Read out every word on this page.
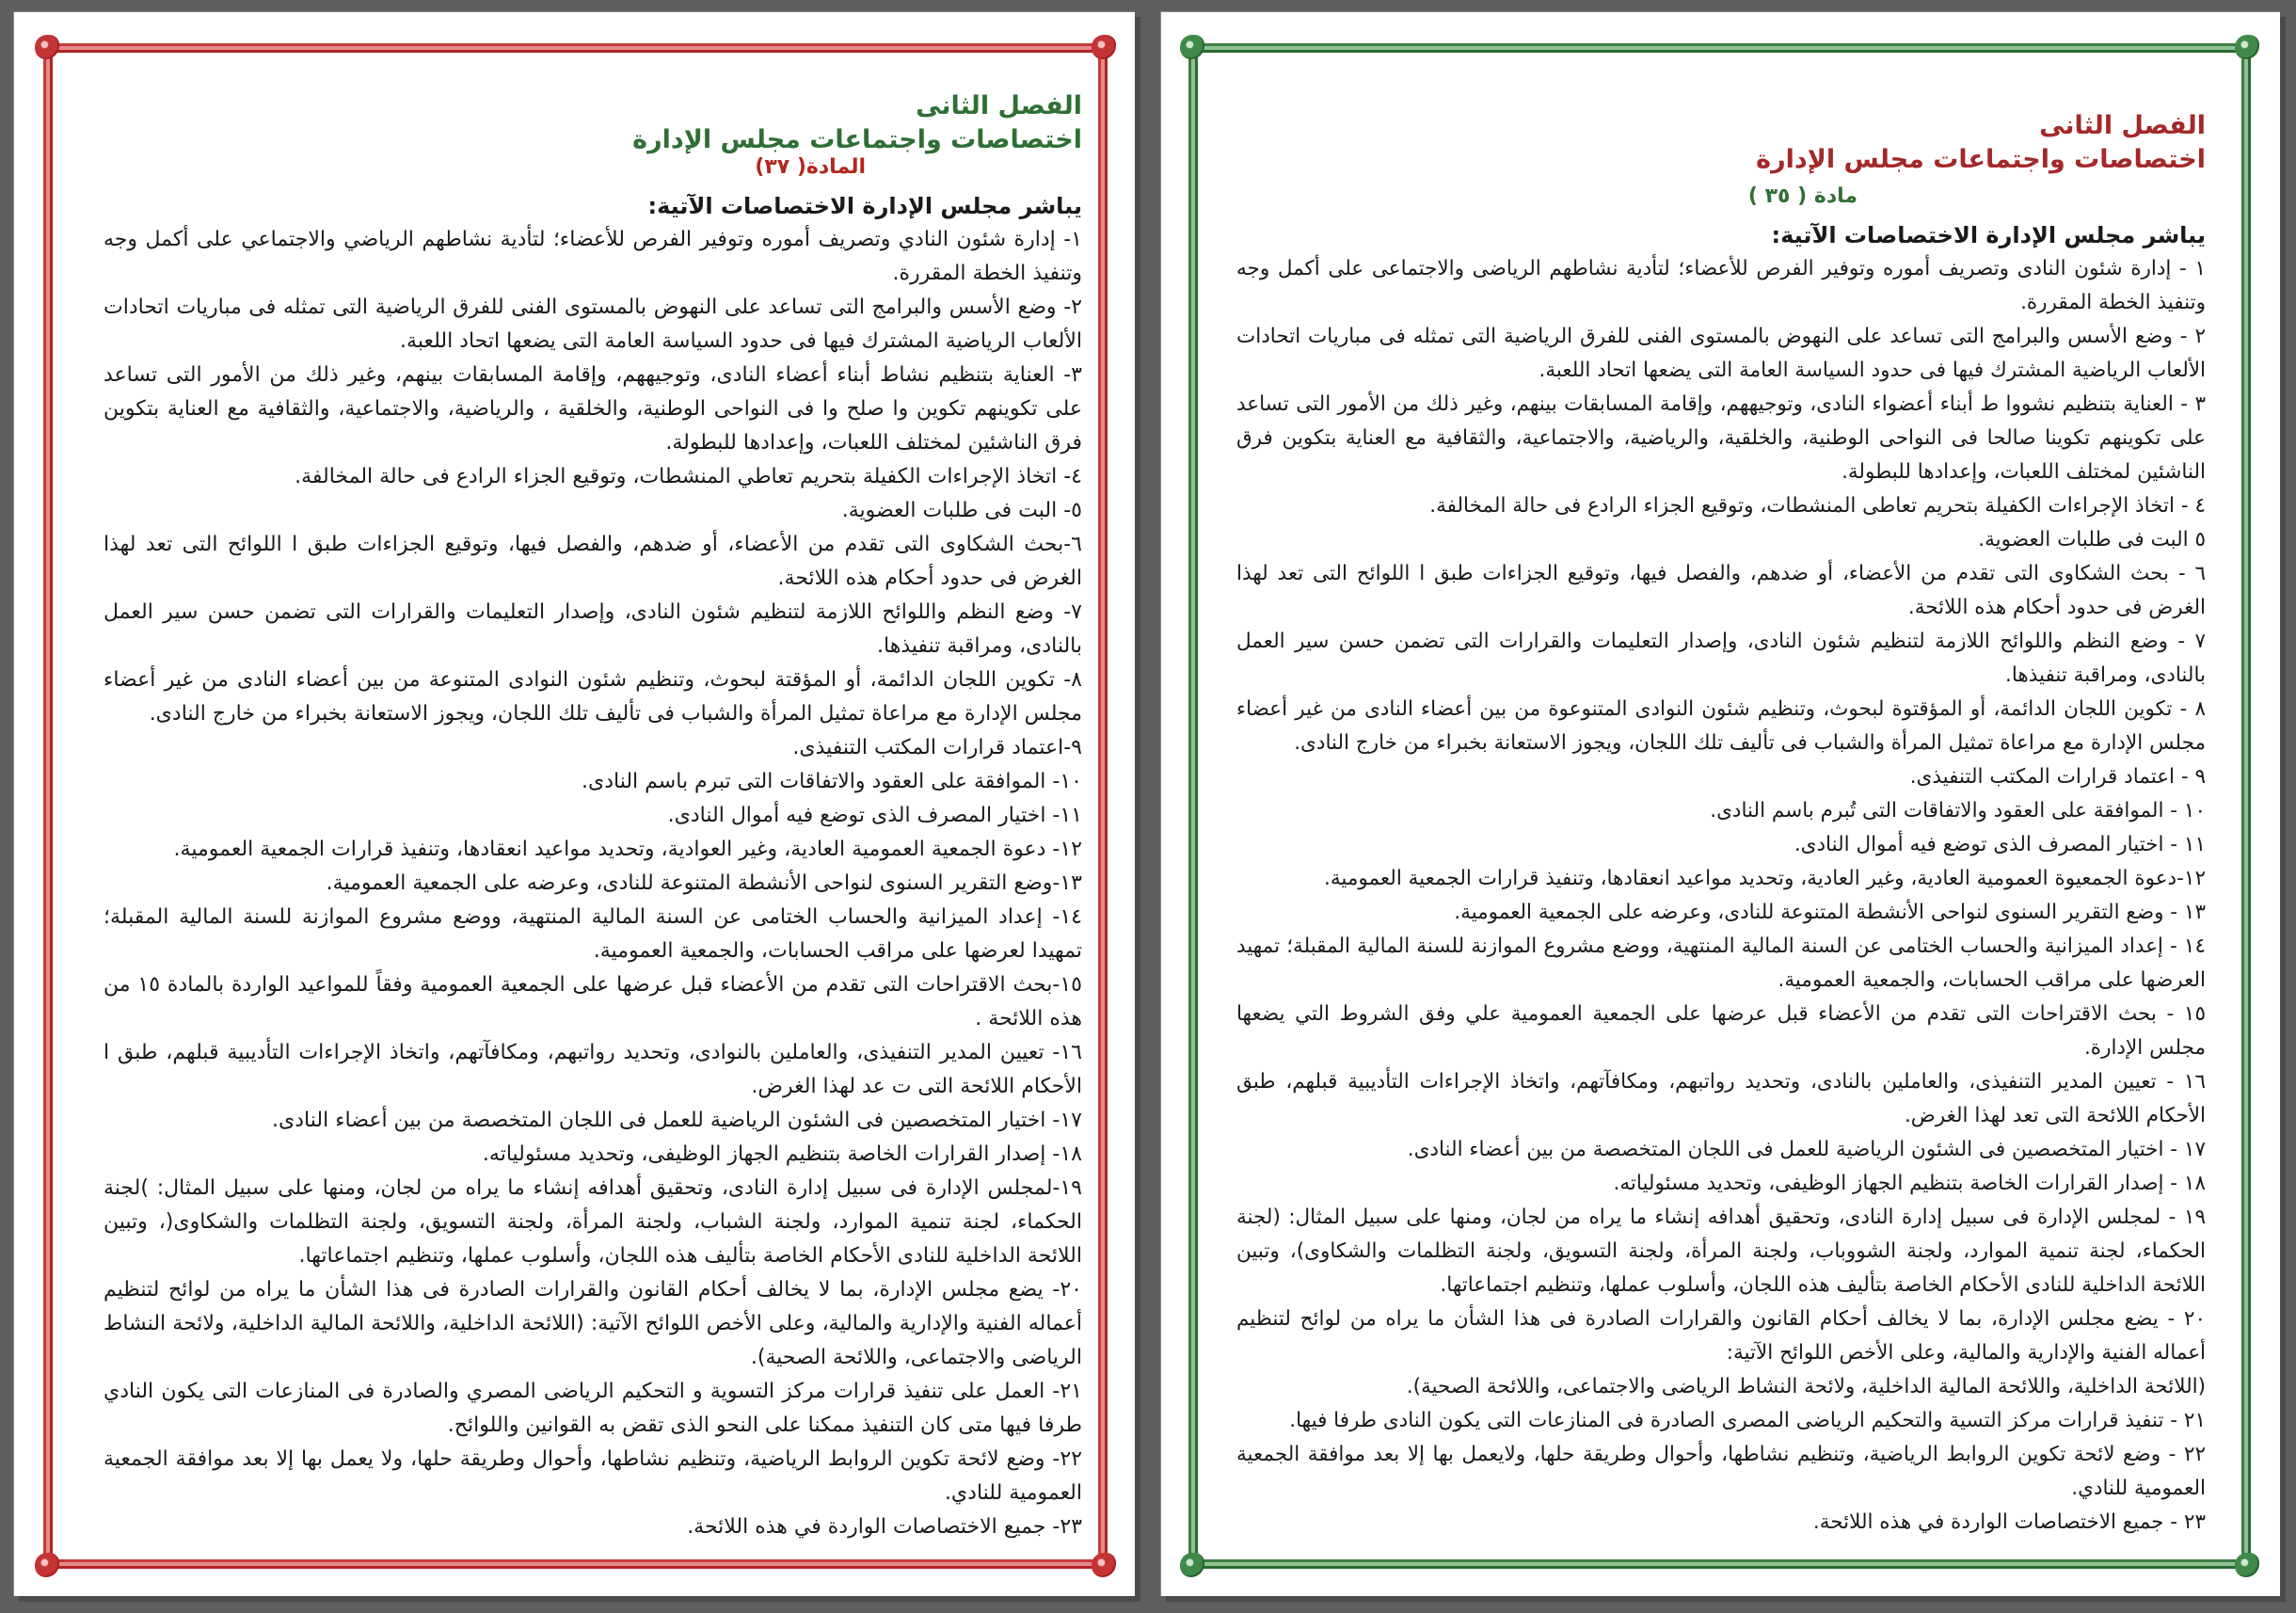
الفصل الثانى
اختصاصات واجتماعات مجلس الإدارة
المادة( ٣٧)
يباشر مجلس الإدارة الاختصاصات الآتية:
١- إدارة شئون النادي وتصريف أموره وتوفير الفرص للأعضاء؛ لتأدية نشاطهم الرياضي والاجتماعي على أكمل وجه وتنفيذ الخطة المقررة.
٢- وضع الأسس والبرامج التى تساعد على النهوض بالمستوى الفنى للفرق الرياضية التى تمثله فى مباريات اتحادات الألعاب الرياضية المشترك فيها فى حدود السياسة العامة التى يضعها اتحاد اللعبة.
٣- العناية بتنظيم نشاط أبناء أعضاء النادى، وتوجيههم، وإقامة المسابقات بينهم، وغير ذلك من الأمور التى تساعد على تكوينهم تكوين وا صلح وا فى النواحى الوطنية، والخلقية ، والرياضية، والاجتماعية، والثقافية مع العناية بتكوين فرق الناشئين لمختلف اللعبات، وإعدادها للبطولة.
٤- اتخاذ الإجراءات الكفيلة بتحريم تعاطي المنشطات، وتوقيع الجزاء الرادع فى حالة المخالفة.
٥- البت فى طلبات العضوية.
٦-بحث الشكاوى التى تقدم من الأعضاء، أو ضدهم، والفصل فيها، وتوقيع الجزاءات طبق ا اللوائح التى تعد لهذا الغرض فى حدود أحكام هذه اللائحة.
٧- وضع النظم واللوائح اللازمة لتنظيم شئون النادى، وإصدار التعليمات والقرارات التى تضمن حسن سير العمل بالنادى، ومراقبة تنفيذها.
٨- تكوين اللجان الدائمة، أو المؤقتة لبحوث، وتنظيم شئون النوادى المتنوعة من بين أعضاء النادى من غير أعضاء مجلس الإدارة مع مراعاة تمثيل المرأة والشباب فى تأليف تلك اللجان، ويجوز الاستعانة بخبراء من خارج النادى.
٩-اعتماد قرارات المكتب التنفيذى.
١٠- الموافقة على العقود والاتفاقات التى تبرم باسم النادى.
١١- اختيار المصرف الذى توضع فيه أموال النادى.
١٢- دعوة الجمعية العمومية العادية، وغير العوادية، وتحديد مواعيد انعقادها، وتنفيذ قرارات الجمعية العمومية.
١٣-وضع التقرير السنوى لنواحى الأنشطة المتنوعة للنادى، وعرضه على الجمعية العمومية.
١٤- إعداد الميزانية والحساب الختامى عن السنة المالية المنتهية، ووضع مشروع الموازنة للسنة المالية المقبلة؛ تمهيدا لعرضها على مراقب الحسابات، والجمعية العمومية.
١٥-بحث الاقتراحات التى تقدم من الأعضاء قبل عرضها على الجمعية العمومية وفقاً للمواعيد الواردة بالمادة ١٥ من هذه اللائحة .
١٦- تعيين المدير التنفيذى، والعاملين بالنوادى، وتحديد رواتبهم، ومكافآتهم، واتخاذ الإجراءات التأديبية قبلهم، طبق ا الأحكام اللائحة التى ت عد لهذا الغرض.
١٧- اختيار المتخصصين فى الشئون الرياضية للعمل فى اللجان المتخصصة من بين أعضاء النادى.
١٨- إصدار القرارات الخاصة بتنظيم الجهاز الوظيفى، وتحديد مسئولياته.
١٩-لمجلس الإدارة فى سبيل إدارة النادى، وتحقيق أهدافه إنشاء ما يراه من لجان، ومنها على سبيل المثال: )لجنة الحكماء، لجنة تنمية الموارد، ولجنة الشباب، ولجنة المرأة، ولجنة التسويق، ولجنة التظلمات والشكاوى(، وتبين اللائحة الداخلية للنادى الأحكام الخاصة بتأليف هذه اللجان، وأسلوب عملها، وتنظيم اجتماعاتها.
٢٠- يضع مجلس الإدارة، بما لا يخالف أحكام القانون والقرارات الصادرة فى هذا الشأن ما يراه من لوائح لتنظيم أعماله الفنية والإدارية والمالية، وعلى الأخص اللوائح الآتية: (اللائحة الداخلية، واللائحة المالية الداخلية، ولائحة النشاط الرياضى والاجتماعى، واللائحة الصحية).
٢١- العمل على تنفيذ قرارات مركز التسوية و التحكيم الرياضى المصري والصادرة فى المنازعات التى يكون النادي طرفا فيها متى كان التنفيذ ممكنا على النحو الذى تقض به القوانين واللوائح.
٢٢- وضع لائحة تكوين الروابط الرياضية، وتنظيم نشاطها، وأحوال وطريقة حلها، ولا يعمل بها إلا بعد موافقة الجمعية العمومية للنادي.
٢٣- جميع الاختصاصات الواردة في هذه اللائحة.
الفصل الثانى
اختصاصات واجتماعات مجلس الإدارة
مادة ( ٣٥ )
يباشر مجلس الإدارة الاختصاصات الآتية:
١ - إدارة شئون النادى وتصريف أموره وتوفير الفرص للأعضاء؛ لتأدية نشاطهم الرياضى والاجتماعى على أكمل وجه وتنفيذ الخطة المقررة.
٢ - وضع الأسس والبرامج التى تساعد على النهوض بالمستوى الفنى للفرق الرياضية التى تمثله فى مباريات اتحادات الألعاب الرياضية المشترك فيها فى حدود السياسة العامة التى يضعها اتحاد اللعبة.
٣ - العناية بتنظيم نشووا ط أبناء أعضواء النادى، وتوجيههم، وإقامة المسابقات بينهم، وغير ذلك من الأمور التى تساعد على تكوينهم تكوينا صالحا فى النواحى الوطنية، والخلقية، والرياضية، والاجتماعية، والثقافية مع العناية بتكوين فرق الناشئين لمختلف اللعبات، وإعدادها للبطولة.
٤ - اتخاذ الإجراءات الكفيلة بتحريم تعاطى المنشطات، وتوقيع الجزاء الرادع فى حالة المخالفة.
٥ البت فى طلبات العضوية.
٦ - بحث الشكاوى التى تقدم من الأعضاء، أو ضدهم، والفصل فيها، وتوقيع الجزاءات طبق ا اللوائح التى تعد لهذا الغرض فى حدود أحكام هذه اللائحة.
٧ - وضع النظم واللوائح اللازمة لتنظيم شئون النادى، وإصدار التعليمات والقرارات التى تضمن حسن سير العمل بالنادى، ومراقبة تنفيذها.
٨ - تكوين اللجان الدائمة، أو المؤقتوة لبحوث، وتنظيم شئون النوادى المتنوعوة من بين أعضاء النادى من غير أعضاء مجلس الإدارة مع مراعاة تمثيل المرأة والشباب فى تأليف تلك اللجان، ويجوز الاستعانة بخبراء من خارج النادى.
٩ - اعتماد قرارات المكتب التنفيذى.
١٠ - الموافقة على العقود والاتفاقات التى تُبرم باسم النادى.
١١ - اختيار المصرف الذى توضع فيه أموال النادى.
١٢-دعوة الجمعيوة العمومية العادية، وغير العادية، وتحديد مواعيد انعقادها، وتنفيذ قرارات الجمعية العمومية.
١٣ - وضع التقرير السنوى لنواحى الأنشطة المتنوعة للنادى، وعرضه على الجمعية العمومية.
١٤ - إعداد الميزانية والحساب الختامى عن السنة المالية المنتهية، ووضع مشروع الموازنة للسنة المالية المقبلة؛ تمهيد العرضها على مراقب الحسابات، والجمعية العمومية.
١٥ - بحث الاقتراحات التى تقدم من الأعضاء قبل عرضها على الجمعية العمومية علي وفق الشروط التي يضعها مجلس الإدارة.
١٦ - تعيين المدير التنفيذى، والعاملين بالنادى، وتحديد رواتبهم، ومكافآتهم، واتخاذ الإجراءات التأديبية قبلهم، طبق الأحكام اللائحة التى تعد لهذا الغرض.
١٧ - اختيار المتخصصين فى الشئون الرياضية للعمل فى اللجان المتخصصة من بين أعضاء النادى.
١٨ - إصدار القرارات الخاصة بتنظيم الجهاز الوظيفى، وتحديد مسئولياته.
١٩ - لمجلس الإدارة فى سبيل إدارة النادى، وتحقيق أهدافه إنشاء ما يراه من لجان، ومنها على سبيل المثال: (لجنة الحكماء، لجنة تنمية الموارد، ولجنة الشووباب، ولجنة المرأة، ولجنة التسويق، ولجنة التظلمات والشكاوى)، وتبين اللائحة الداخلية للنادى الأحكام الخاصة بتأليف هذه اللجان، وأسلوب عملها، وتنظيم اجتماعاتها.
٢٠ - يضع مجلس الإدارة، بما لا يخالف أحكام القانون والقرارات الصادرة فى هذا الشأن ما يراه من لوائح لتنظيم أعماله الفنية والإدارية والمالية، وعلى الأخص اللوائح الآتية:
(اللائحة الداخلية، واللائحة المالية الداخلية، ولائحة النشاط الرياضى والاجتماعى، واللائحة الصحية).
٢١ - تنفيذ قرارات مركز التسية والتحكيم الرياضى المصرى الصادرة فى المنازعات التى يكون النادى طرفا فيها.
٢٢ - وضع لائحة تكوين الروابط الرياضية، وتنظيم نشاطها، وأحوال وطريقة حلها، ولايعمل بها إلا بعد موافقة الجمعية العمومية للنادي.
٢٣ - جميع الاختصاصات الواردة في هذه اللائحة.
